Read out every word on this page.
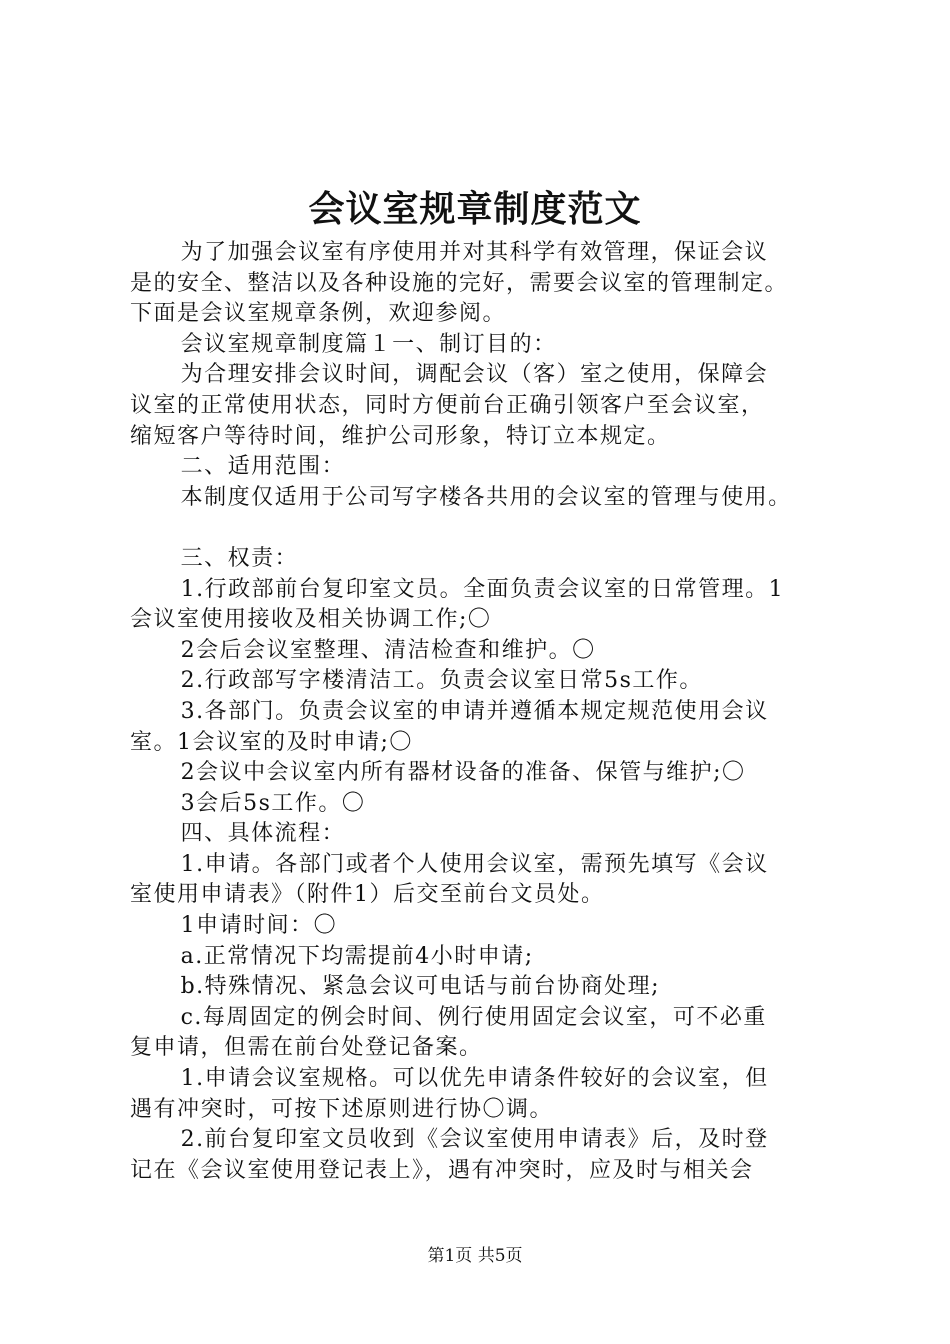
会议室规章制度范文

为了加强会议室有序使用并对其科学有效管理，保证会议

是的安全、整洁以及各种设施的完好，需要会议室的管理制定。

下面是会议室规章条例，欢迎参阅。

会议室规章制度篇１一、制订目的：

为合理安排会议时间，调配会议（客）室之使用，保障会

议室的正常使用状态，同时方便前台正确引领客户至会议室，

缩短客户等待时间，维护公司形象，特订立本规定。

二、适用范围：

本制度仅适用于公司写字楼各共用的会议室的管理与使用。

三、权责：

1.行政部前台复印室文员。全面负责会议室的日常管理。1

会议室使用接收及相关协调工作;〇

2会后会议室整理、清洁检查和维护。〇

2.行政部写字楼清洁工。负责会议室日常5s工作。

3.各部门。负责会议室的申请并遵循本规定规范使用会议

室。1会议室的及时申请;〇

2会议中会议室内所有器材设备的准备、保管与维护;〇

3会后5s工作。〇

四、具体流程：

1.申请。各部门或者个人使用会议室，需预先填写《会议

室使用申请表》（附件1）后交至前台文员处。

1申请时间：〇

a.正常情况下均需提前4小时申请;

b.特殊情况、紧急会议可电话与前台协商处理;

c.每周固定的例会时间、例行使用固定会议室，可不必重

复申请，但需在前台处登记备案。

1.申请会议室规格。可以优先申请条件较好的会议室，但

遇有冲突时，可按下述原则进行协〇调。

2.前台复印室文员收到《会议室使用申请表》后，及时登

记在《会议室使用登记表上》，遇有冲突时，应及时与相关会

第1页 共5页
